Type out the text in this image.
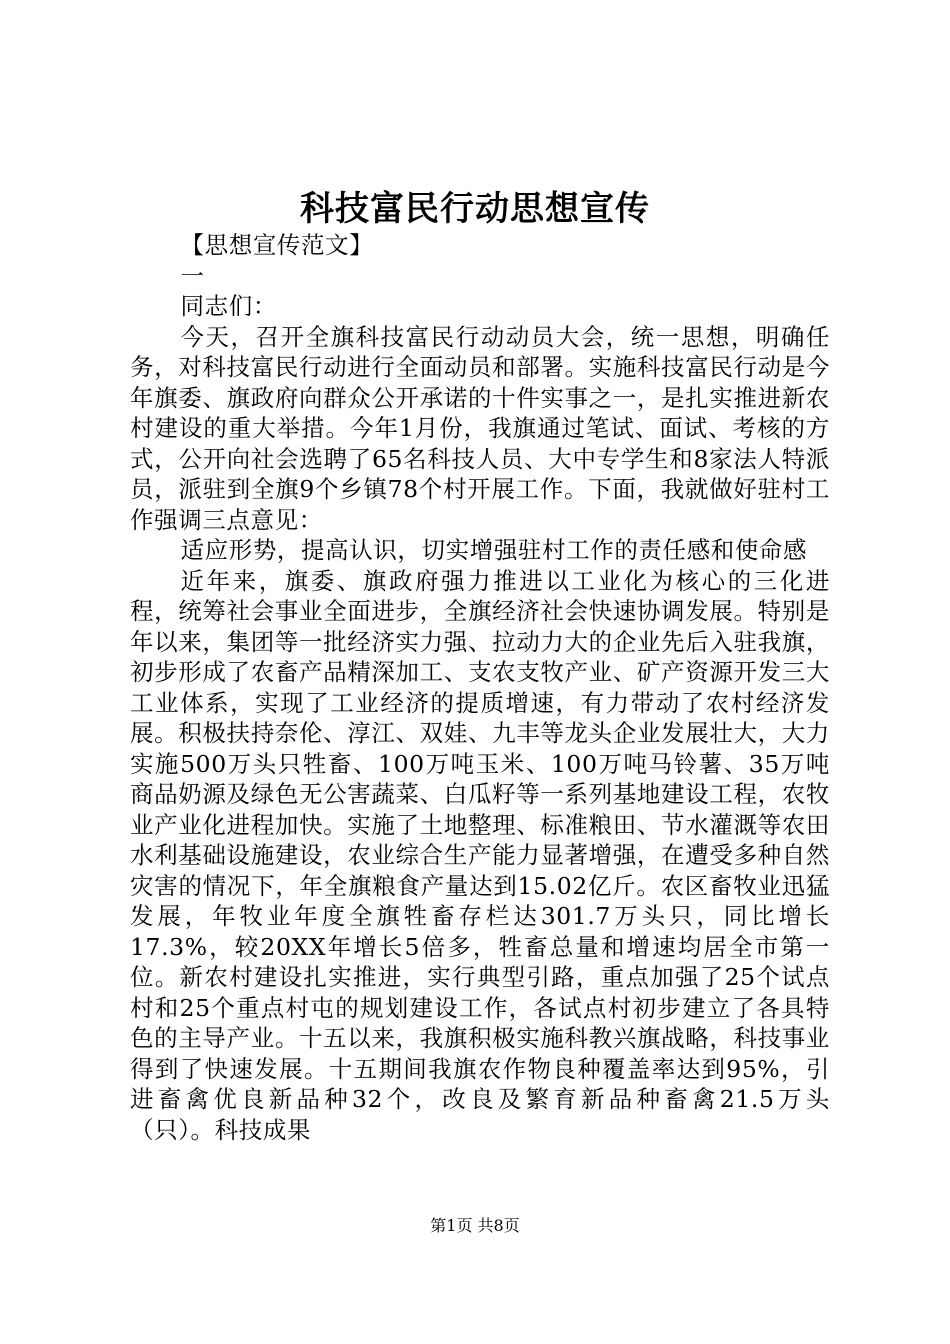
科技富民行动思想宣传

【思想宣传范文】

一

同志们：

今天，召开全旗科技富民行动动员大会，统一思想，明确任务，对科技富民行动进行全面动员和部署。实施科技富民行动是今年旗委、旗政府向群众公开承诺的十件实事之一，是扎实推进新农村建设的重大举措。今年1月份，我旗通过笔试、面试、考核的方式，公开向社会选聘了65名科技人员、大中专学生和8家法人特派员，派驻到全旗9个乡镇78个村开展工作。下面，我就做好驻村工作强调三点意见：

适应形势，提高认识，切实增强驻村工作的责任感和使命感

近年来，旗委、旗政府强力推进以工业化为核心的三化进程，统筹社会事业全面进步，全旗经济社会快速协调发展。特别是年以来，集团等一批经济实力强、拉动力大的企业先后入驻我旗，初步形成了农畜产品精深加工、支农支牧产业、矿产资源开发三大工业体系，实现了工业经济的提质增速，有力带动了农村经济发展。积极扶持奈伦、淳江、双娃、九丰等龙头企业发展壮大，大力实施500万头只牲畜、100万吨玉米、100万吨马铃薯、35万吨商品奶源及绿色无公害蔬菜、白瓜籽等一系列基地建设工程，农牧业产业化进程加快。实施了土地整理、标准粮田、节水灌溉等农田水利基础设施建设，农业综合生产能力显著增强，在遭受多种自然灾害的情况下，年全旗粮食产量达到15.02亿斤。农区畜牧业迅猛发展，年牧业年度全旗牲畜存栏达301.7万头只，同比增长17.3%，较20XX年增长5倍多，牲畜总量和增速均居全市第一位。新农村建设扎实推进，实行典型引路，重点加强了25个试点村和25个重点村屯的规划建设工作，各试点村初步建立了各具特色的主导产业。十五以来，我旗积极实施科教兴旗战略，科技事业得到了快速发展。十五期间我旗农作物良种覆盖率达到95%，引进畜禽优良新品种32个，改良及繁育新品种畜禽21.5万头（只）。科技成果

第1页 共8页
